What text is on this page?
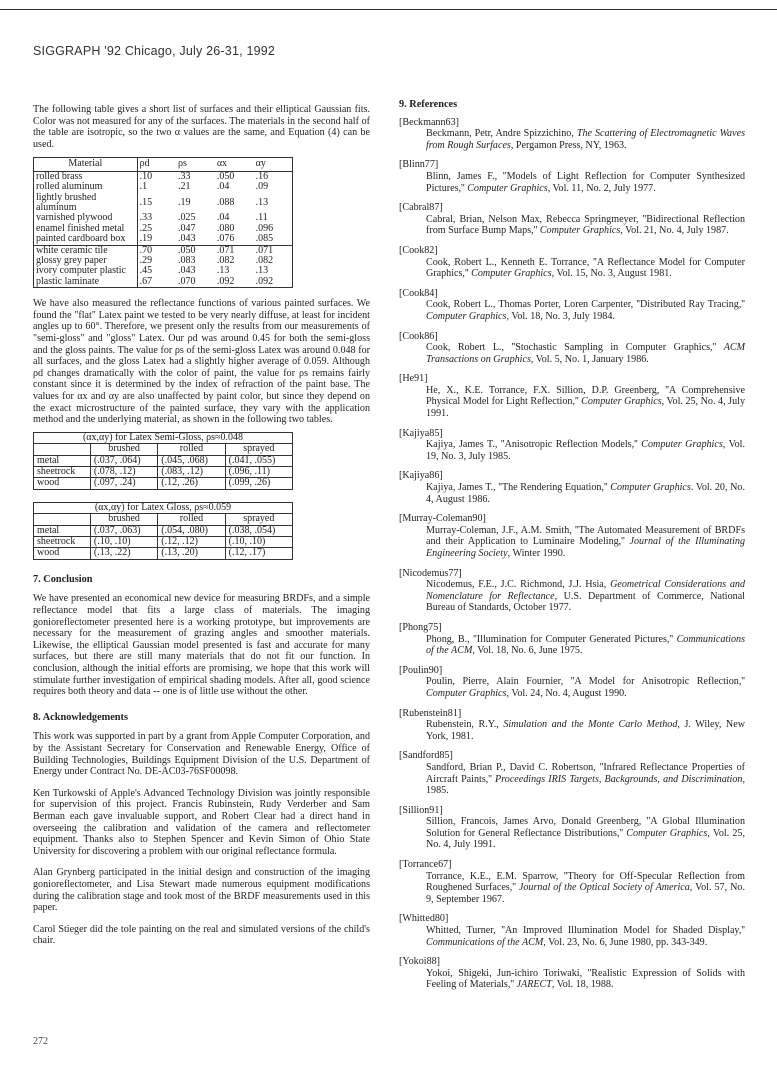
SIGGRAPH '92 Chicago, July 26-31, 1992

The following table gives a short list of surfaces and their elliptical Gaussian fits. Color was not measured for any of the surfaces. The materials in the second half of the table are isotropic, so the two α values are the same, and Equation (4) can be used.

Material	ρd	ρs	αx	αy
rolled brass	.10	.33	.050	.16
rolled aluminum	.1	.21	.04	.09
lightly brushed aluminum	.15	.19	.088	.13
varnished plywood	.33	.025	.04	.11
enamel finished metal	.25	.047	.080	.096
painted cardboard box	.19	.043	.076	.085
white ceramic tile	.70	.050	.071	.071
glossy grey paper	.29	.083	.082	.082
ivory computer plastic	.45	.043	.13	.13
plastic laminate	.67	.070	.092	.092

We have also measured the reflectance functions of various painted surfaces. We found the "flat" Latex paint we tested to be very nearly diffuse, at least for incident angles up to 60°. Therefore, we present only the results from our measurements of "semi-gloss" and "gloss" Latex. Our ρd was around 0.45 for both the semi-gloss and the gloss paints. The value for ρs of the semi-gloss Latex was around 0.048 for all surfaces, and the gloss Latex had a slightly higher average of 0.059. Although ρd changes dramatically with the color of paint, the value for ρs remains fairly constant since it is determined by the index of refraction of the paint base. The values for αx and αy are also unaffected by paint color, but since they depend on the exact microstructure of the painted surface, they vary with the application method and the underlying material, as shown in the following two tables.

(αx,αy) for Latex Semi-Gloss, ρs≈0.048			
	brushed	rolled	sprayed
metal	(.037, .064)	(.045, .068)	(.041, .055)
sheetrock	(.078, .12)	(.083, .12)	(.096, .11)
wood	(.097, .24)	(.12, .26)	(.099, .26)
(αx,αy) for Latex Gloss, ρs≈0.059			
	brushed	rolled	sprayed
metal	(.037, .063)	(.054, .080)	(.038, .054)
sheetrock	(.10, .10)	(.12, .12)	(.10, .10)
wood	(.13, .22)	(.13, .20)	(.12, .17)
7. Conclusion

We have presented an economical new device for measuring BRDFs, and a simple reflectance model that fits a large class of materials. The imaging gonioreflectometer presented here is a working prototype, but improvements are necessary for the measurement of grazing angles and smoother materials. Likewise, the elliptical Gaussian model presented is fast and accurate for many surfaces, but there are still many materials that do not fit our function. In conclusion, although the initial efforts are promising, we hope that this work will stimulate further investigation of empirical shading models. After all, good science requires both theory and data -- one is of little use without the other.

8. Acknowledgements

This work was supported in part by a grant from Apple Computer Corporation, and by the Assistant Secretary for Conservation and Renewable Energy, Office of Building Technologies, Buildings Equipment Division of the U.S. Department of Energy under Contract No. DE-AC03-76SF00098.

Ken Turkowski of Apple's Advanced Technology Division was jointly responsible for supervision of this project. Francis Rubinstein, Rudy Verderber and Sam Berman each gave invaluable support, and Robert Clear had a direct hand in overseeing the calibration and validation of the camera and reflectometer equipment. Thanks also to Stephen Spencer and Kevin Simon of Ohio State University for discovering a problem with our original reflectance formula.

Alan Grynberg participated in the initial design and construction of the imaging gonioreflectometer, and Lisa Stewart made numerous equipment modifications during the calibration stage and took most of the BRDF measurements used in this paper.

Carol Stieger did the tole painting on the real and simulated versions of the child's chair.

9. References
[Beckmann63]
Beckmann, Petr, Andre Spizzichino, The Scattering of Electromagnetic Waves from Rough Surfaces, Pergamon Press, NY, 1963.
[Blinn77]
Blinn, James F., ''Models of Light Reflection for Computer Synthesized Pictures,'' Computer Graphics, Vol. 11, No. 2, July 1977.
[Cabral87]
Cabral, Brian, Nelson Max, Rebecca Springmeyer, ''Bidirectional Reflection from Surface Bump Maps,'' Computer Graphics, Vol. 21, No. 4, July 1987.
[Cook82]
Cook, Robert L., Kenneth E. Torrance, ''A Reflectance Model for Computer Graphics,'' Computer Graphics, Vol. 15, No. 3, August 1981.
[Cook84]
Cook, Robert L., Thomas Porter, Loren Carpenter, ''Distributed Ray Tracing,'' Computer Graphics, Vol. 18, No. 3, July 1984.
[Cook86]
Cook, Robert L., ''Stochastic Sampling in Computer Graphics,'' ACM Transactions on Graphics, Vol. 5, No. 1, January 1986.
[He91]
He, X., K.E. Torrance, F.X. Sillion, D.P. Greenberg, ''A Comprehensive Physical Model for Light Reflection,'' Computer Graphics, Vol. 25, No. 4, July 1991.
[Kajiya85]
Kajiya, James T., ''Anisotropic Reflection Models,'' Computer Graphics, Vol. 19, No. 3, July 1985.
[Kajiya86]
Kajiya, James T., ''The Rendering Equation,'' Computer Graphics. Vol. 20, No. 4, August 1986.
[Murray-Coleman90]
Murray-Coleman, J.F., A.M. Smith, ''The Automated Measurement of BRDFs and their Application to Luminaire Modeling,'' Journal of the Illuminating Engineering Society, Winter 1990.
[Nicodemus77]
Nicodemus, F.E., J.C. Richmond, J.J. Hsia, Geometrical Considerations and Nomenclature for Reflectance, U.S. Department of Commerce, National Bureau of Standards, October 1977.
[Phong75]
Phong, B., ''Illumination for Computer Generated Pictures,'' Communications of the ACM, Vol. 18, No. 6, June 1975.
[Poulin90]
Poulin, Pierre, Alain Fournier, ''A Model for Anisotropic Reflection,'' Computer Graphics, Vol. 24, No. 4, August 1990.
[Rubenstein81]
Rubenstein, R.Y., Simulation and the Monte Carlo Method, J. Wiley, New York, 1981.
[Sandford85]
Sandford, Brian P., David C. Robertson, ''Infrared Reflectance Properties of Aircraft Paints,'' Proceedings IRIS Targets, Backgrounds, and Discrimination, 1985.
[Sillion91]
Sillion, Francois, James Arvo, Donald Greenberg, ''A Global Illumination Solution for General Reflectance Distributions,'' Computer Graphics, Vol. 25, No. 4, July 1991.
[Torrance67]
Torrance, K.E., E.M. Sparrow, ''Theory for Off-Specular Reflection from Roughened Surfaces,'' Journal of the Optical Society of America, Vol. 57, No. 9, September 1967.
[Whitted80]
Whitted, Turner, ''An Improved Illumination Model for Shaded Display,'' Communications of the ACM, Vol. 23, No. 6, June 1980, pp. 343-349.
[Yokoi88]
Yokoi, Shigeki, Jun-ichiro Toriwaki, ''Realistic Expression of Solids with Feeling of Materials,'' JARECT, Vol. 18, 1988.
272
